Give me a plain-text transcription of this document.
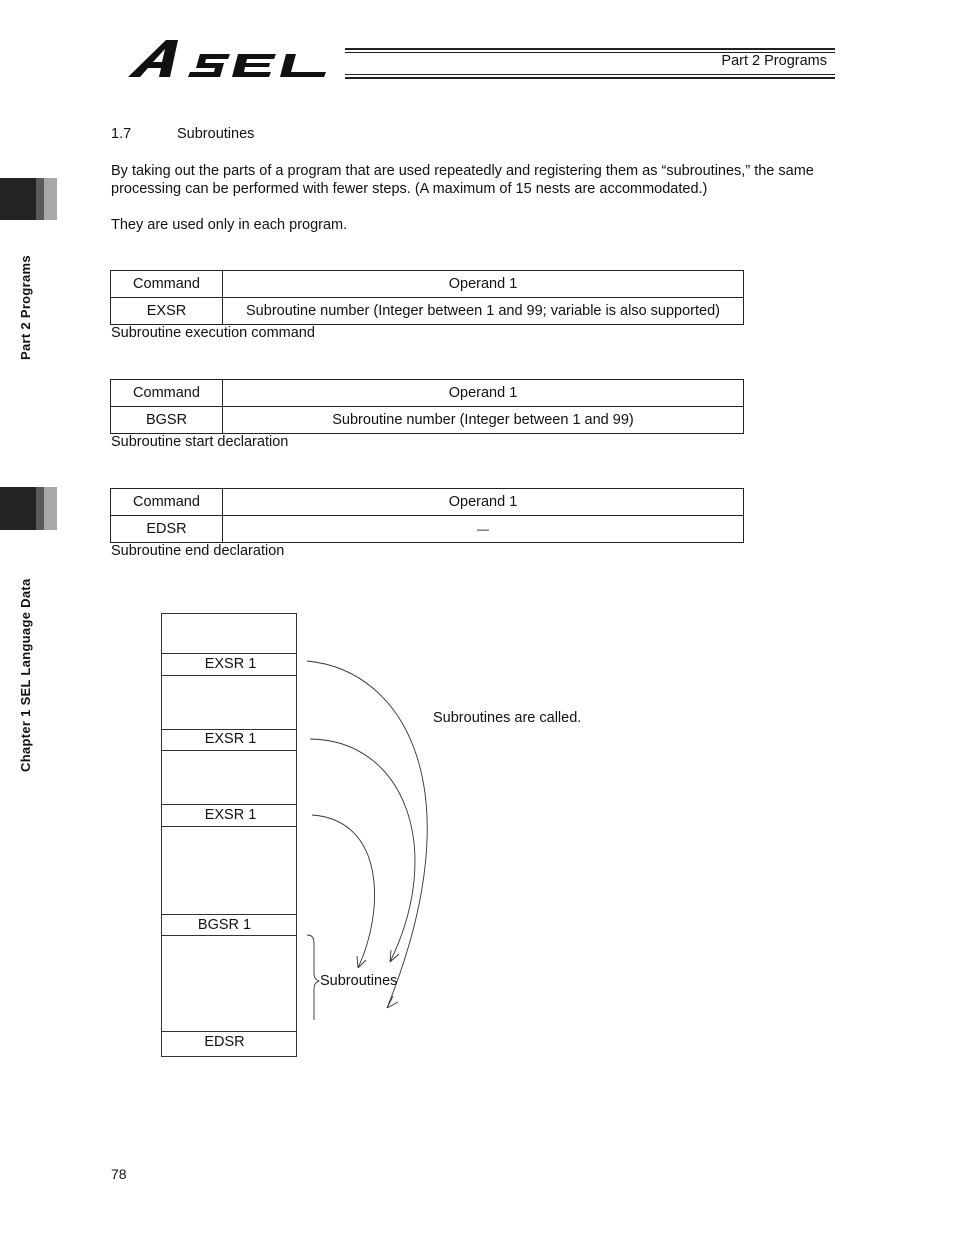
ASEL
Part 2 Programs
Part 2 Programs
Chapter 1 SEL Language Data
1.7	Subroutines
By taking out the parts of a program that are used repeatedly and registering them as “subroutines,” the same processing can be performed with fewer steps. (A maximum of 15 nests are accommodated.)
They are used only in each program.
Command	Operand 1
EXSR	Subroutine number (Integer between 1 and 99; variable is also supported)
Subroutine execution command
Command	Operand 1
BGSR	Subroutine number (Integer between 1 and 99)
Subroutine start declaration
Command	Operand 1
EDSR	—
Subroutine end declaration
EXSR 1
EXSR 1
EXSR 1
BGSR 1
EDSR
Subroutines are called.
Subroutines
78
